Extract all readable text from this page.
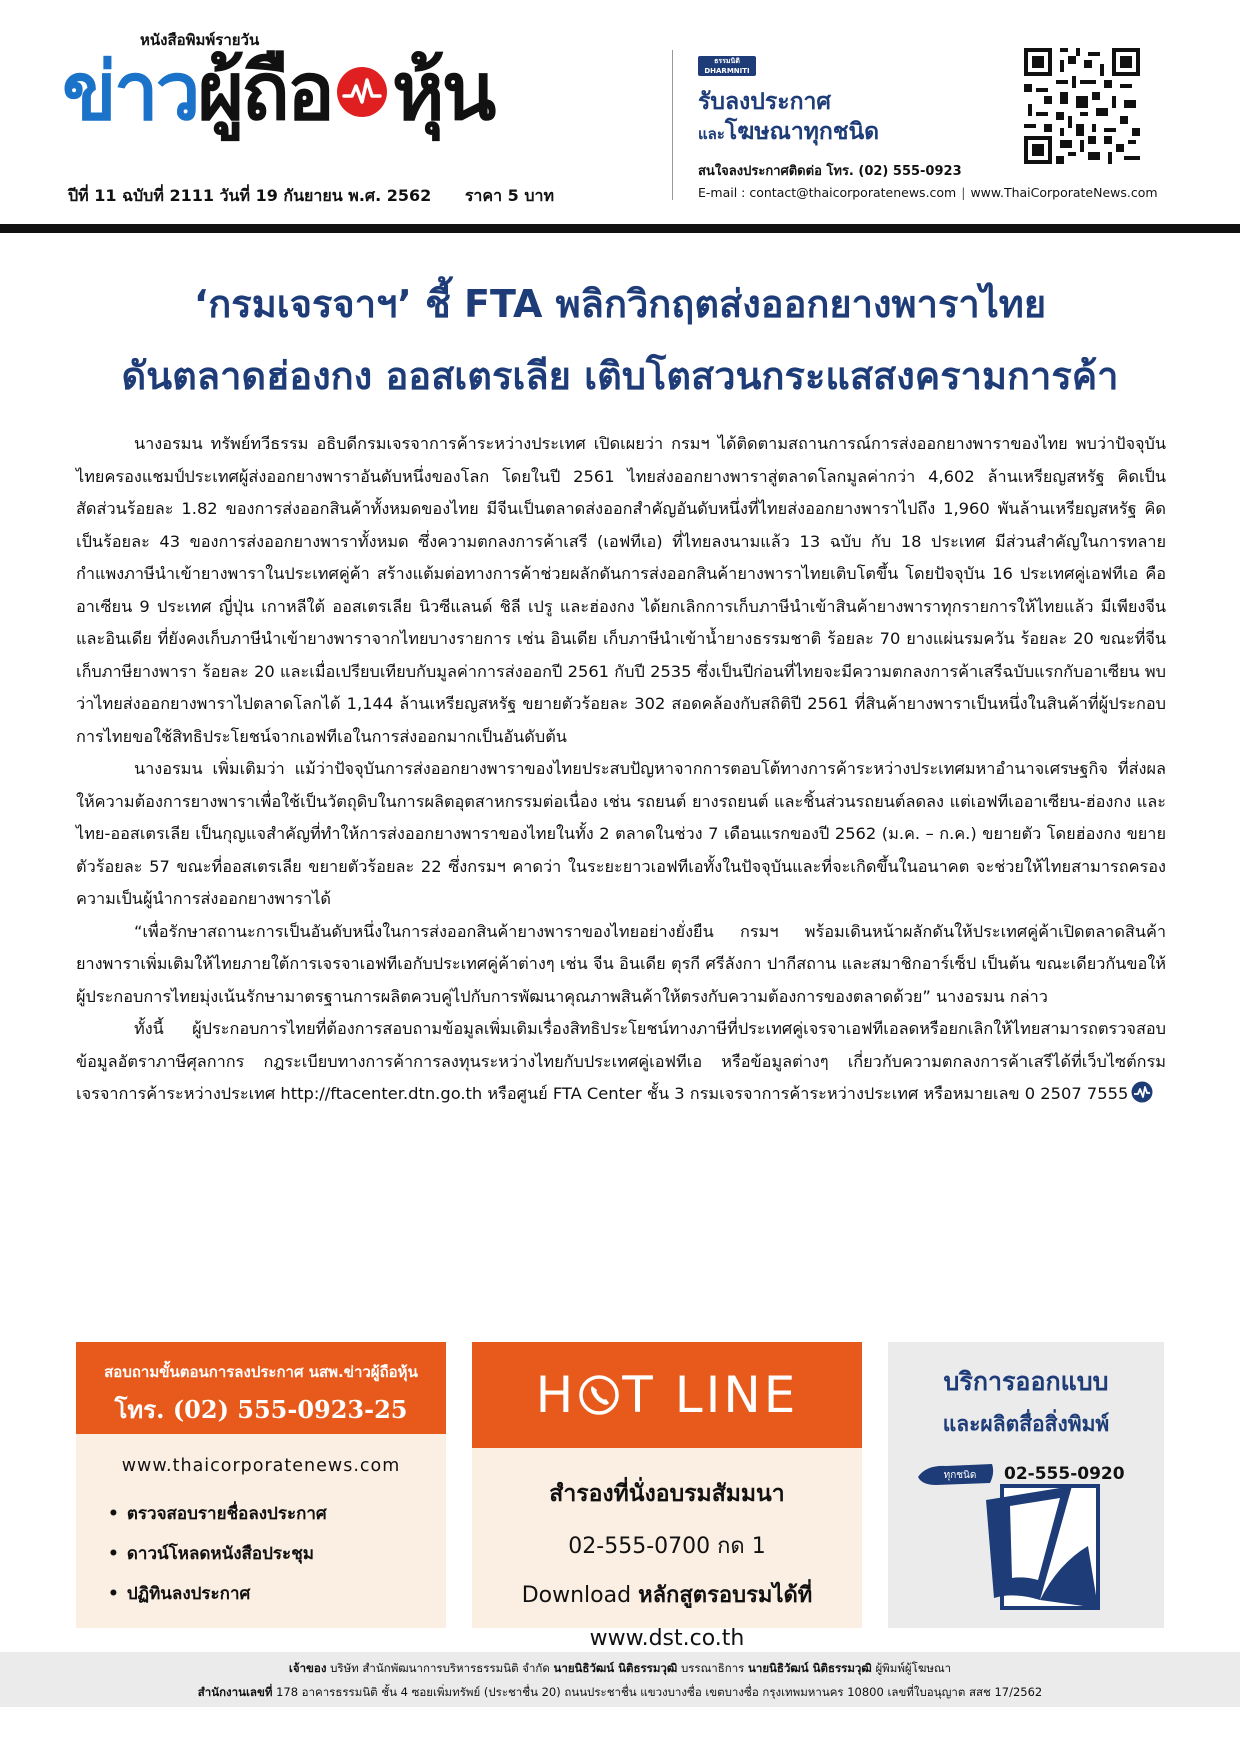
หนังสือพิมพ์รายวัน
ข่าว ผู้ถือ หุ้น
ปีที่ 11 ฉบับที่ 2111 วันที่ 19 กันยายน พ.ศ. 2562 ราคา 5 บาท
ธรรมนิติ
DHARMNITI
รับลงประกาศ
และโฆษณาทุกชนิด
สนใจลงประกาศติดต่อ โทร. (02) 555-0923
E-mail : contact@thaicorporatenews.com | www.ThaiCorporateNews.com
‘กรมเจรจาฯ’ ชี้ FTA พลิกวิกฤตส่งออกยางพาราไทย
ดันตลาดฮ่องกง ออสเตรเลีย เติบโตสวนกระแสสงครามการค้า

นางอรมน ทรัพย์ทวีธรรม อธิบดีกรมเจรจาการค้าระหว่างประเทศ เปิดเผยว่า กรมฯ ได้ติดตามสถานการณ์การส่งออกยางพาราของไทย พบว่าปัจจุบันไทยครองแชมป์ประเทศผู้ส่งออกยางพาราอันดับหนึ่งของโลก โดยในปี 2561 ไทยส่งออกยางพาราสู่ตลาดโลกมูลค่ากว่า 4,602 ล้านเหรียญสหรัฐ คิดเป็นสัดส่วนร้อยละ 1.82 ของการส่งออกสินค้าทั้งหมดของไทย มีจีนเป็นตลาดส่งออกสำคัญอันดับหนึ่งที่ไทยส่งออกยางพาราไปถึง 1,960 พันล้านเหรียญสหรัฐ คิดเป็นร้อยละ 43 ของการส่งออกยางพาราทั้งหมด ซึ่งความตกลงการค้าเสรี (เอฟทีเอ) ที่ไทยลงนามแล้ว 13 ฉบับ กับ 18 ประเทศ มีส่วนสำคัญในการทลายกำแพงภาษีนำเข้ายางพาราในประเทศคู่ค้า สร้างแต้มต่อทางการค้าช่วยผลักดันการส่งออกสินค้ายางพาราไทยเติบโตขึ้น โดยปัจจุบัน 16 ประเทศคู่เอฟทีเอ คือ อาเซียน 9 ประเทศ ญี่ปุ่น เกาหลีใต้ ออสเตรเลีย นิวซีแลนด์ ชิลี เปรู และฮ่องกง ได้ยกเลิกการเก็บภาษีนำเข้าสินค้ายางพาราทุกรายการให้ไทยแล้ว มีเพียงจีนและอินเดีย ที่ยังคงเก็บภาษีนำเข้ายางพาราจากไทยบางรายการ เช่น อินเดีย เก็บภาษีนำเข้าน้ำยางธรรมชาติ ร้อยละ 70 ยางแผ่นรมควัน ร้อยละ 20 ขณะที่จีน เก็บภาษียางพารา ร้อยละ 20 และเมื่อเปรียบเทียบกับมูลค่าการส่งออกปี 2561 กับปี 2535 ซึ่งเป็นปีก่อนที่ไทยจะมีความตกลงการค้าเสรีฉบับแรกกับอาเซียน พบว่าไทยส่งออกยางพาราไปตลาดโลกได้ 1,144 ล้านเหรียญสหรัฐ ขยายตัวร้อยละ 302 สอดคล้องกับสถิติปี 2561 ที่สินค้ายางพาราเป็นหนึ่งในสินค้าที่ผู้ประกอบการไทยขอใช้สิทธิประโยชน์จากเอฟทีเอในการส่งออกมากเป็นอันดับต้น

นางอรมน เพิ่มเติมว่า แม้ว่าปัจจุบันการส่งออกยางพาราของไทยประสบปัญหาจากการตอบโต้ทางการค้าระหว่างประเทศมหาอำนาจเศรษฐกิจ ที่ส่งผลให้ความต้องการยางพาราเพื่อใช้เป็นวัตถุดิบในการผลิตอุตสาหกรรมต่อเนื่อง เช่น รถยนต์ ยางรถยนต์ และชิ้นส่วนรถยนต์ลดลง แต่เอฟทีเออาเซียน-ฮ่องกง และ ไทย-ออสเตรเลีย เป็นกุญแจสำคัญที่ทำให้การส่งออกยางพาราของไทยในทั้ง 2 ตลาดในช่วง 7 เดือนแรกของปี 2562 (ม.ค. – ก.ค.) ขยายตัว โดยฮ่องกง ขยายตัวร้อยละ 57 ขณะที่ออสเตรเลีย ขยายตัวร้อยละ 22 ซึ่งกรมฯ คาดว่า ในระยะยาวเอฟทีเอทั้งในปัจจุบันและที่จะเกิดขึ้นในอนาคต จะช่วยให้ไทยสามารถครองความเป็นผู้นำการส่งออกยางพาราได้

“เพื่อรักษาสถานะการเป็นอันดับหนึ่งในการส่งออกสินค้ายางพาราของไทยอย่างยั่งยืน กรมฯ พร้อมเดินหน้าผลักดันให้ประเทศคู่ค้าเปิดตลาดสินค้ายางพาราเพิ่มเติมให้ไทยภายใต้การเจรจาเอฟทีเอกับประเทศคู่ค้าต่างๆ เช่น จีน อินเดีย ตุรกี ศรีลังกา ปากีสถาน และสมาชิกอาร์เซ็ป เป็นต้น ขณะเดียวกันขอให้ผู้ประกอบการไทยมุ่งเน้นรักษามาตรฐานการผลิตควบคู่ไปกับการพัฒนาคุณภาพสินค้าให้ตรงกับความต้องการของตลาดด้วย” นางอรมน กล่าว

ทั้งนี้ ผู้ประกอบการไทยที่ต้องการสอบถามข้อมูลเพิ่มเติมเรื่องสิทธิประโยชน์ทางภาษีที่ประเทศคู่เจรจาเอฟทีเอลดหรือยกเลิกให้ไทยสามารถตรวจสอบข้อมูลอัตราภาษีศุลกากร กฎระเบียบทางการค้าการลงทุนระหว่างไทยกับประเทศคู่เอฟทีเอ หรือข้อมูลต่างๆ เกี่ยวกับความตกลงการค้าเสรีได้ที่เว็บไซต์กรมเจรจาการค้าระหว่างประเทศ http://ftacenter.dtn.go.th หรือศูนย์ FTA Center ชั้น 3 กรมเจรจาการค้าระหว่างประเทศ หรือหมายเลข 0 2507 7555

สอบถามขั้นตอนการลงประกาศ นสพ.ข่าวผู้ถือหุ้น
โทร. (02) 555-0923-25
www.thaicorporatenews.com
• ตรวจสอบรายชื่อลงประกาศ
• ดาวน์โหลดหนังสือประชุม
• ปฏิทินลงประกาศ
H T LINE
สำรองที่นั่งอบรมสัมมนา
02-555-0700 กด 1
Download หลักสูตรอบรมได้ที่
www.dst.co.th
บริการออกแบบ
และผลิตสื่อสิ่งพิมพ์
ทุกชนิด 02-555-0920
เจ้าของ บริษัท สำนักพัฒนาการบริหารธรรมนิติ จำกัด นายนิธิวัฒน์ นิติธรรมวุฒิ บรรณาธิการ นายนิธิวัฒน์ นิติธรรมวุฒิ ผู้พิมพ์ผู้โฆษณา
สำนักงานเลขที่ 178 อาคารธรรมนิติ ชั้น 4 ซอยเพิ่มทรัพย์ (ประชาชื่น 20) ถนนประชาชื่น แขวงบางซื่อ เขตบางซื่อ กรุงเทพมหานคร 10800 เลขที่ใบอนุญาต สสช 17/2562
